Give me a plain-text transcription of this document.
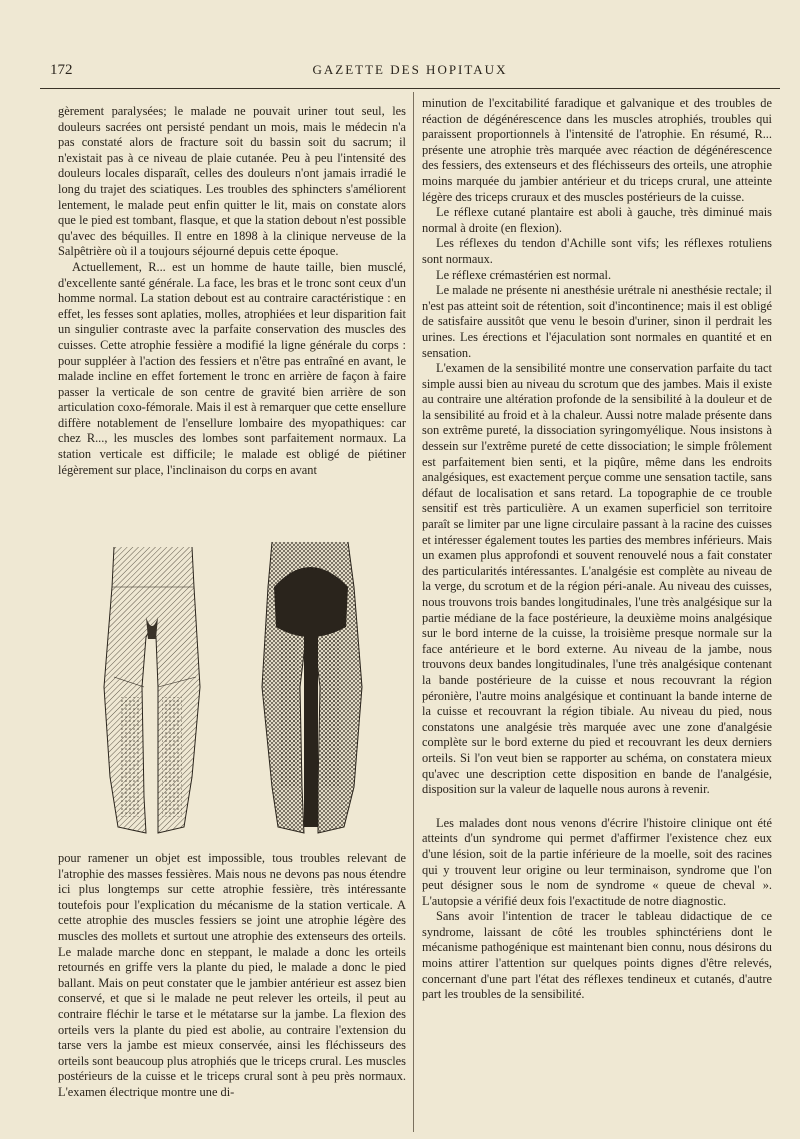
172	GAZETTE DES HOPITAUX

gèrement paralysées; le malade ne pouvait uriner tout seul, les douleurs sacrées ont persisté pendant un mois, mais le médecin n'a pas constaté alors de fracture soit du bassin soit du sacrum; il n'existait pas à ce niveau de plaie cutanée. Peu à peu l'intensité des douleurs locales disparaît, celles des douleurs n'ont jamais irradié le long du trajet des sciatiques. Les troubles des sphincters s'améliorent lentement, le malade peut enfin quitter le lit, mais on constate alors que le pied est tombant, flasque, et que la station debout n'est possible qu'avec des béquilles. Il entre en 1898 à la clinique nerveuse de la Salpêtrière où il a toujours séjourné depuis cette époque.

Actuellement, R... est un homme de haute taille, bien musclé, d'excellente santé générale. La face, les bras et le tronc sont ceux d'un homme normal. La station debout est au contraire caractéristique : en effet, les fesses sont aplaties, molles, atrophiées et leur disparition fait un singulier contraste avec la parfaite conservation des muscles des cuisses. Cette atrophie fessière a modifié la ligne générale du corps : pour suppléer à l'action des fessiers et n'être pas entraîné en avant, le malade incline en effet fortement le tronc en arrière de façon à faire passer la verticale de son centre de gravité bien arrière de son articulation coxo-fémorale. Mais il est à remarquer que cette ensellure diffère notablement de l'ensellure lombaire des myopathiques: car chez R..., les muscles des lombes sont parfaitement normaux. La station verticale est difficile; le malade est obligé de piétiner légèrement sur place, l'inclinaison du corps en avant

pour ramener un objet est impossible, tous troubles relevant de l'atrophie des masses fessières. Mais nous ne devons pas nous étendre ici plus longtemps sur cette atrophie fessière, très intéressante toutefois pour l'explication du mécanisme de la station verticale. A cette atrophie des muscles fessiers se joint une atrophie légère des muscles des mollets et surtout une atrophie des extenseurs des orteils. Le malade marche donc en steppant, le malade a donc les orteils retournés en griffe vers la plante du pied, le malade a donc le pied ballant. Mais on peut constater que le jambier antérieur est assez bien conservé, et que si le malade ne peut relever les orteils, il peut au contraire fléchir le tarse et le métatarse sur la jambe. La flexion des orteils vers la plante du pied est abolie, au contraire l'extension du tarse vers la jambe est mieux conservée, ainsi les fléchisseurs des orteils sont beaucoup plus atrophiés que le triceps crural. Les muscles postérieurs de la cuisse et le triceps crural sont à peu près normaux. L'examen électrique montre une di-

minution de l'excitabilité faradique et galvanique et des troubles de réaction de dégénérescence dans les muscles atrophiés, troubles qui paraissent proportionnels à l'intensité de l'atrophie. En résumé, R... présente une atrophie très marquée avec réaction de dégénérescence des fessiers, des extenseurs et des fléchisseurs des orteils, une atrophie moins marquée du jambier antérieur et du triceps crural, une atteinte légère des triceps cruraux et des muscles postérieurs de la cuisse.

Le réflexe cutané plantaire est aboli à gauche, très diminué mais normal à droite (en flexion).

Les réflexes du tendon d'Achille sont vifs; les réflexes rotuliens sont normaux.

Le réflexe crémastérien est normal.

Le malade ne présente ni anesthésie urétrale ni anesthésie rectale; il n'est pas atteint soit de rétention, soit d'incontinence; mais il est obligé de satisfaire aussitôt que venu le besoin d'uriner, sinon il perdrait les urines. Les érections et l'éjaculation sont normales en quantité et en sensation.

L'examen de la sensibilité montre une conservation parfaite du tact simple aussi bien au niveau du scrotum que des jambes. Mais il existe au contraire une altération profonde de la sensibilité à la douleur et de la sensibilité au froid et à la chaleur. Aussi notre malade présente dans son extrême pureté, la dissociation syringomyélique. Nous insistons à dessein sur l'extrême pureté de cette dissociation; le simple frôlement est parfaitement bien senti, et la piqûre, même dans les endroits analgésiques, est exactement perçue comme une sensation tactile, sans défaut de localisation et sans retard. La topographie de ce trouble sensitif est très particulière. A un examen superficiel son territoire paraît se limiter par une ligne circulaire passant à la racine des cuisses et intéresser également toutes les parties des membres inférieurs. Mais un examen plus approfondi et souvent renouvelé nous a fait constater des particularités intéressantes. L'analgésie est complète au niveau de la verge, du scrotum et de la région péri-anale. Au niveau des cuisses, nous trouvons trois bandes longitudinales, l'une très analgésique sur la partie médiane de la face postérieure, la deuxième moins analgésique sur le bord interne de la cuisse, la troisième presque normale sur la face antérieure et le bord externe. Au niveau de la jambe, nous trouvons deux bandes longitudinales, l'une très analgésique contenant la bande postérieure de la cuisse et nous recouvrant la région péronière, l'autre moins analgésique et continuant la bande interne de la cuisse et recouvrant la région tibiale. Au niveau du pied, nous constatons une analgésie très marquée avec une zone d'analgésie complète sur le bord externe du pied et recouvrant les deux derniers orteils. Si l'on veut bien se rapporter au schéma, on constatera mieux qu'avec une description cette disposition en bande de l'analgésie, disposition sur la valeur de laquelle nous aurons à revenir.

Les malades dont nous venons d'écrire l'histoire clinique ont été atteints d'un syndrome qui permet d'affirmer l'existence chez eux d'une lésion, soit de la partie inférieure de la moelle, soit des racines qui y trouvent leur origine ou leur terminaison, syndrome que l'on peut désigner sous le nom de syndrome « queue de cheval ». L'autopsie a vérifié deux fois l'exactitude de notre diagnostic.

Sans avoir l'intention de tracer le tableau didactique de ce syndrome, laissant de côté les troubles sphinctériens dont le mécanisme pathogénique est maintenant bien connu, nous désirons du moins attirer l'attention sur quelques points dignes d'être relevés, concernant d'une part l'état des réflexes tendineux et cutanés, d'autre part les troubles de la sensibilité.
